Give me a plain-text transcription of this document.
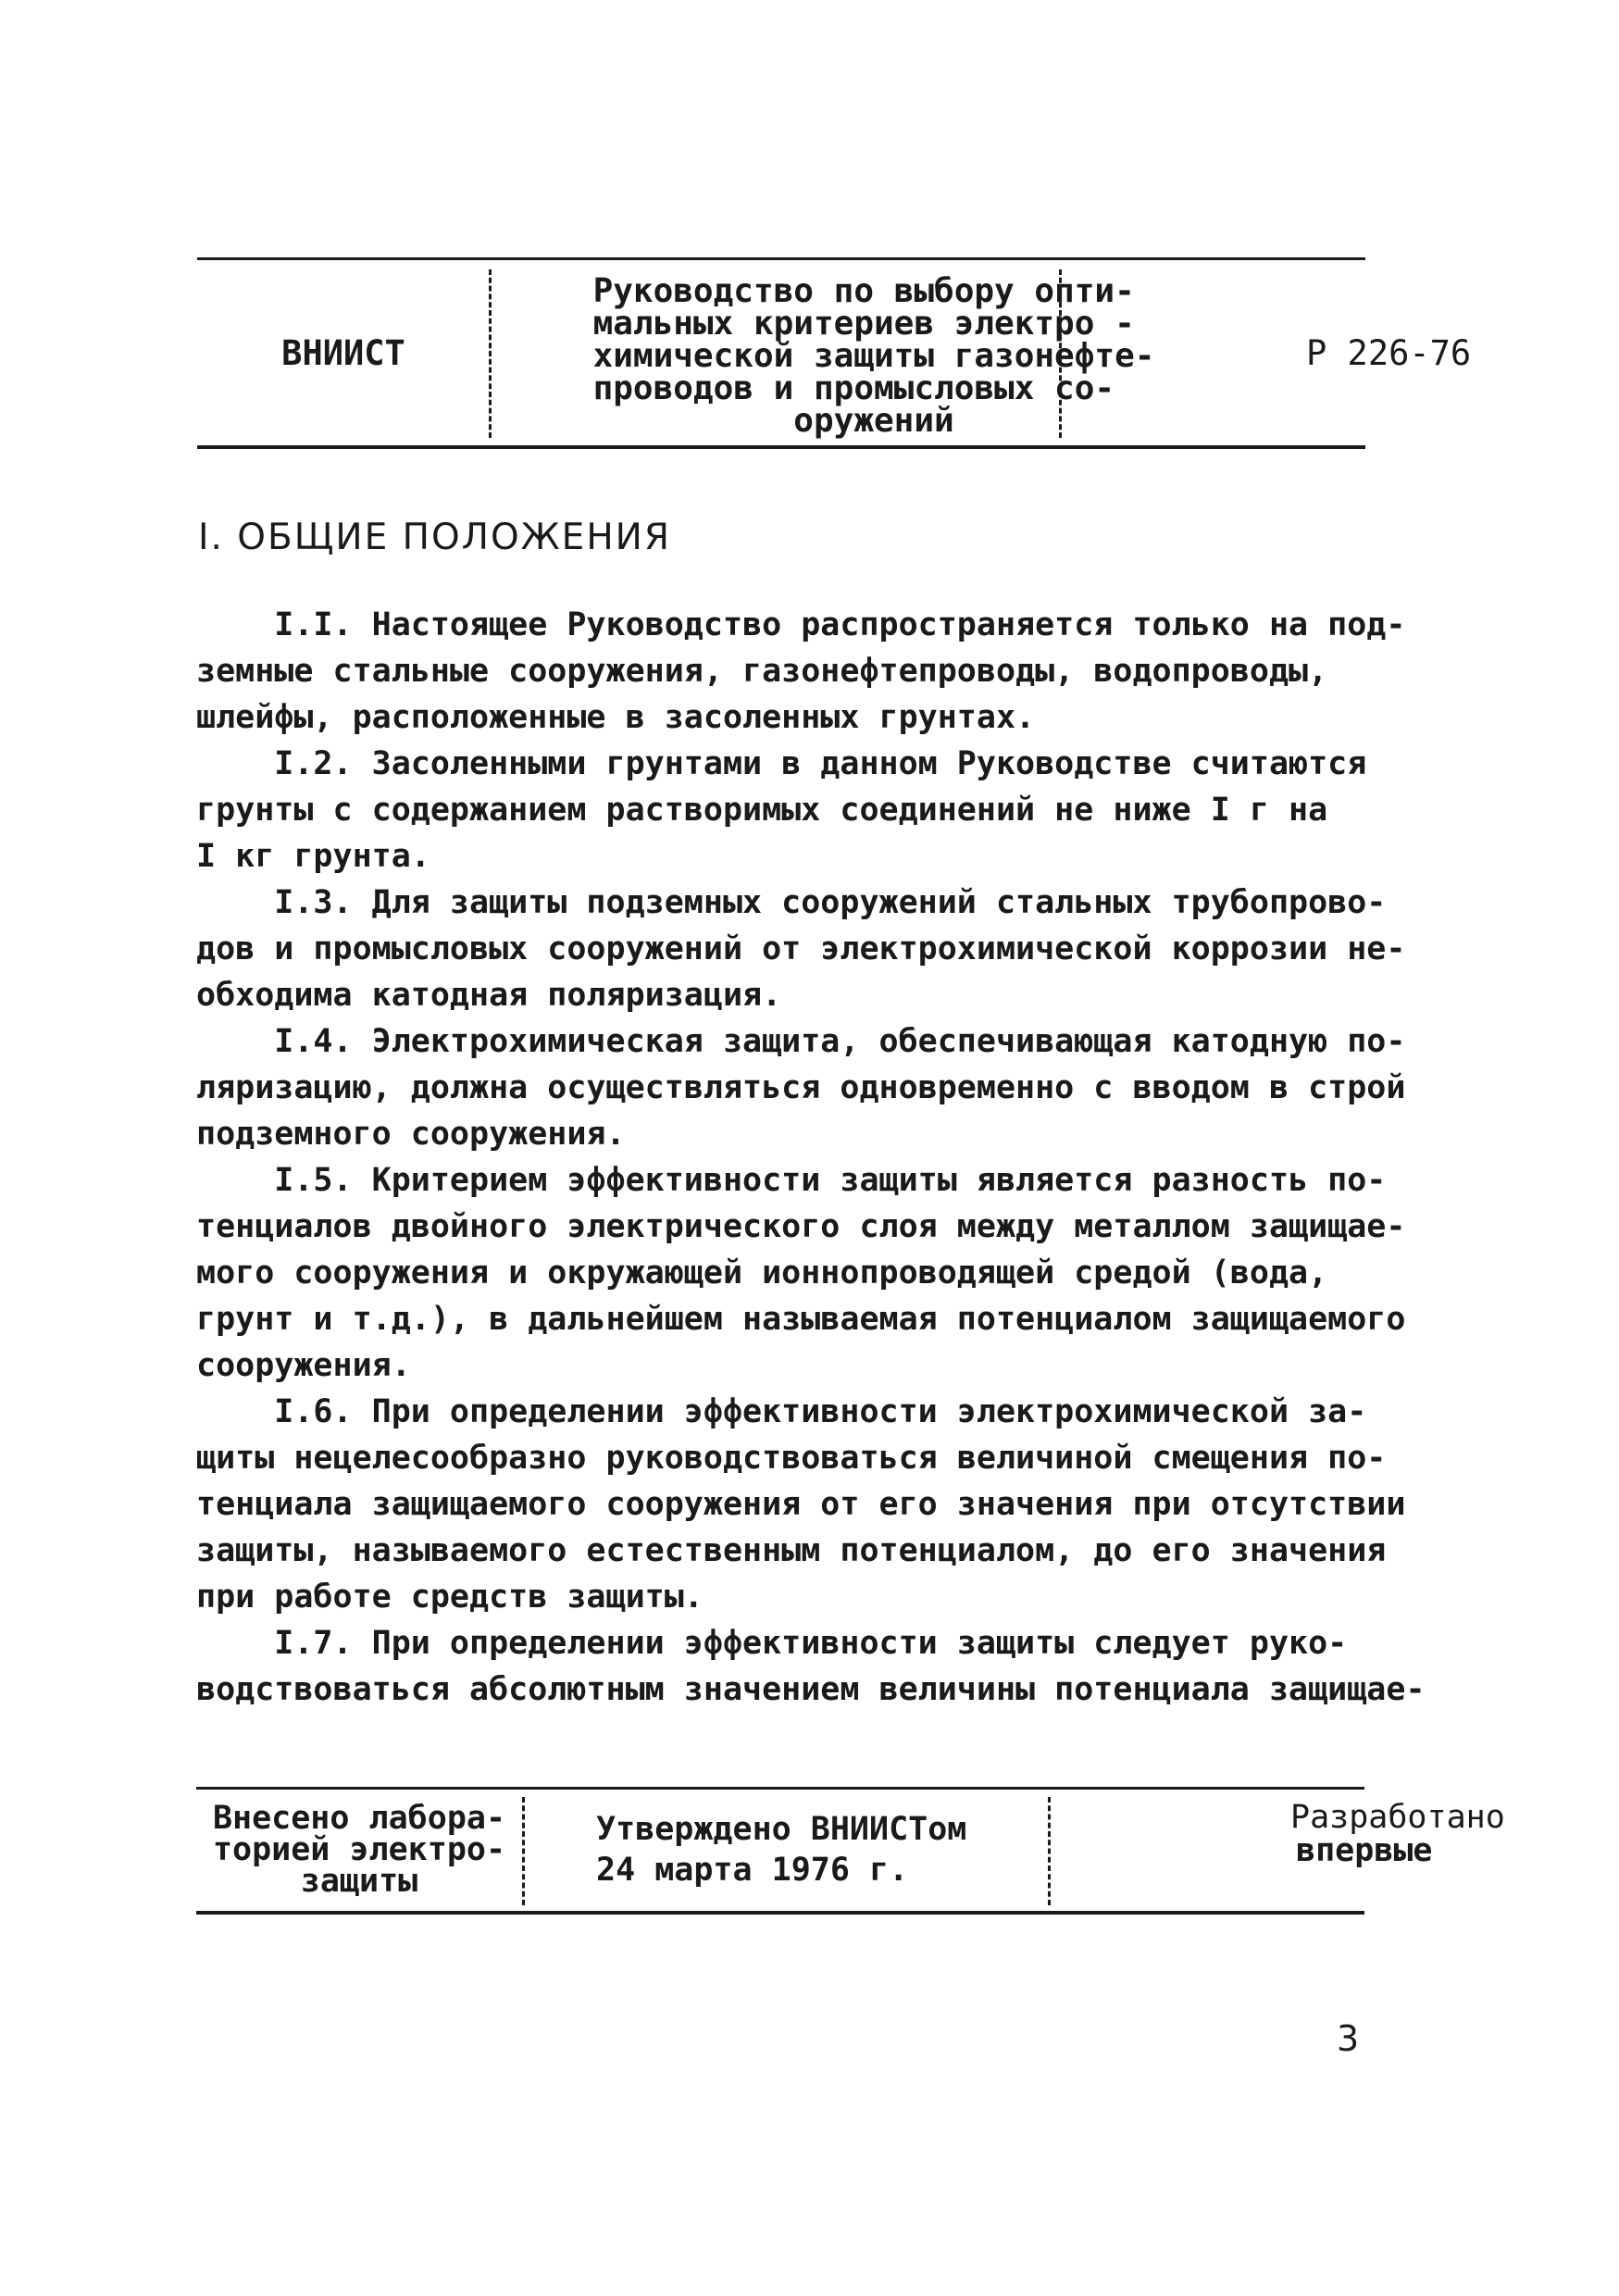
ВНИИСТ
Руководство по выбору опти-
мальных критериев электро -
химической защиты газонефте-
проводов и промысловых со-
оружений
Р 226-76
I. ОБЩИЕ ПОЛОЖЕНИЯ
I.I. Настоящее Руководство распространяется только на под-
земные стальные сооружения, газонефтепроводы, водопроводы,
шлейфы, расположенные в засоленных грунтах.
I.2. Засоленными грунтами в данном Руководстве считаются
грунты с содержанием растворимых соединений не ниже I г на
I кг грунта.
I.3. Для защиты подземных сооружений стальных трубопрово-
дов и промысловых сооружений от электрохимической коррозии не-
обходима катодная поляризация.
I.4. Электрохимическая защита, обеспечивающая катодную по-
ляризацию, должна осуществляться одновременно с вводом в строй
подземного сооружения.
I.5. Критерием эффективности защиты является разность по-
тенциалов двойного электрического слоя между металлом защищае-
мого сооружения и окружающей ионнопроводящей средой (вода,
грунт и т.д.), в дальнейшем называемая потенциалом защищаемого
сооружения.
I.6. При определении эффективности электрохимической за-
щиты нецелесообразно руководствоваться величиной смещения по-
тенциала защищаемого сооружения от его значения при отсутствии
защиты, называемого естественным потенциалом, до его значения
при работе средств защиты.
I.7. При определении эффективности защиты следует руко-
водствоваться абсолютным значением величины потенциала защищае-
Внесено лабора-
торией электро-
защиты
Утверждено ВНИИСТом
24 марта 1976 г.
Разработано
впервые
3
